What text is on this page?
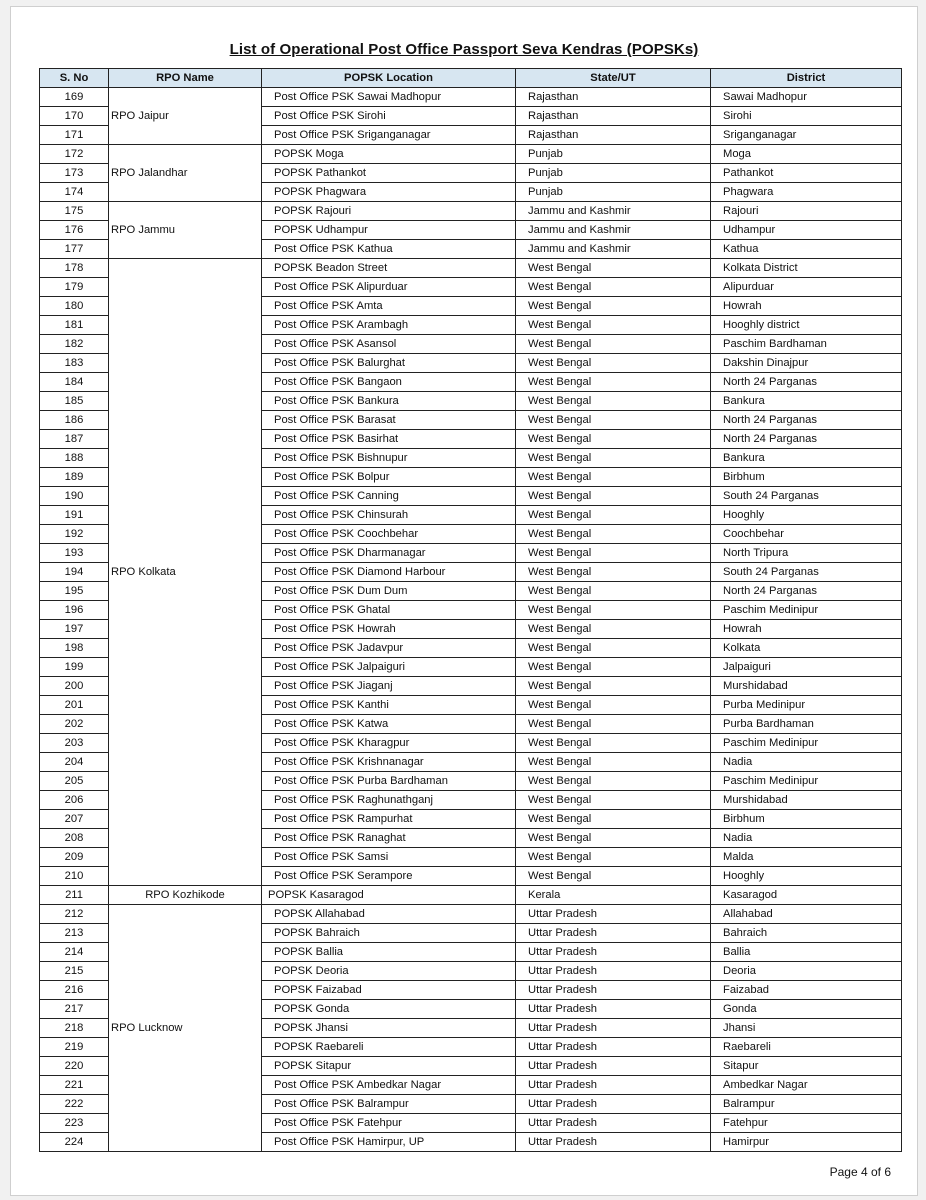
List of Operational Post Office Passport Seva Kendras (POPSKs)
S. No	RPO Name	POPSK Location	State/UT	District
169	RPO Jaipur	Post Office PSK Sawai Madhopur	Rajasthan	Sawai Madhopur
170		Post Office PSK Sirohi	Rajasthan	Sirohi
171		Post Office PSK Sriganganagar	Rajasthan	Sriganganagar
172	RPO Jalandhar	POPSK Moga	Punjab	Moga
173		POPSK Pathankot	Punjab	Pathankot
174		POPSK Phagwara	Punjab	Phagwara
175	RPO Jammu	POPSK Rajouri	Jammu and Kashmir	Rajouri
176		POPSK Udhampur	Jammu and Kashmir	Udhampur
177		Post Office PSK Kathua	Jammu and Kashmir	Kathua
178	RPO Kolkata	POPSK Beadon Street	West Bengal	Kolkata District
179		Post Office PSK Alipurduar	West Bengal	Alipurduar
180		Post Office PSK Amta	West Bengal	Howrah
181		Post Office PSK Arambagh	West Bengal	Hooghly district
182		Post Office PSK Asansol	West Bengal	Paschim Bardhaman
183		Post Office PSK Balurghat	West Bengal	Dakshin Dinajpur
184		Post Office PSK Bangaon	West Bengal	North 24 Parganas
185		Post Office PSK Bankura	West Bengal	Bankura
186		Post Office PSK Barasat	West Bengal	North 24 Parganas
187		Post Office PSK Basirhat	West Bengal	North 24 Parganas
188		Post Office PSK Bishnupur	West Bengal	Bankura
189		Post Office PSK Bolpur	West Bengal	Birbhum
190		Post Office PSK Canning	West Bengal	South 24 Parganas
191		Post Office PSK Chinsurah	West Bengal	Hooghly
192		Post Office PSK Coochbehar	West Bengal	Coochbehar
193		Post Office PSK Dharmanagar	West Bengal	North Tripura
194		Post Office PSK Diamond Harbour	West Bengal	South 24 Parganas
195		Post Office PSK Dum Dum	West Bengal	North 24 Parganas
196		Post Office PSK Ghatal	West Bengal	Paschim Medinipur
197		Post Office PSK Howrah	West Bengal	Howrah
198		Post Office PSK Jadavpur	West Bengal	Kolkata
199		Post Office PSK Jalpaiguri	West Bengal	Jalpaiguri
200		Post Office PSK Jiaganj	West Bengal	Murshidabad
201		Post Office PSK Kanthi	West Bengal	Purba Medinipur
202		Post Office PSK Katwa	West Bengal	Purba Bardhaman
203		Post Office PSK Kharagpur	West Bengal	Paschim Medinipur
204		Post Office PSK Krishnanagar	West Bengal	Nadia
205		Post Office PSK Purba Bardhaman	West Bengal	Paschim Medinipur
206		Post Office PSK Raghunathganj	West Bengal	Murshidabad
207		Post Office PSK Rampurhat	West Bengal	Birbhum
208		Post Office PSK Ranaghat	West Bengal	Nadia
209		Post Office PSK Samsi	West Bengal	Malda
210		Post Office PSK Serampore	West Bengal	Hooghly
211	RPO Kozhikode	POPSK Kasaragod	Kerala	Kasaragod
212	RPO Lucknow	POPSK Allahabad	Uttar Pradesh	Allahabad
213		POPSK Bahraich	Uttar Pradesh	Bahraich
214		POPSK Ballia	Uttar Pradesh	Ballia
215		POPSK Deoria	Uttar Pradesh	Deoria
216		POPSK Faizabad	Uttar Pradesh	Faizabad
217		POPSK Gonda	Uttar Pradesh	Gonda
218		POPSK Jhansi	Uttar Pradesh	Jhansi
219		POPSK Raebareli	Uttar Pradesh	Raebareli
220		POPSK Sitapur	Uttar Pradesh	Sitapur
221		Post Office PSK Ambedkar Nagar	Uttar Pradesh	Ambedkar Nagar
222		Post Office PSK Balrampur	Uttar Pradesh	Balrampur
223		Post Office PSK Fatehpur	Uttar Pradesh	Fatehpur
224		Post Office PSK Hamirpur, UP	Uttar Pradesh	Hamirpur
Page 4 of 6
